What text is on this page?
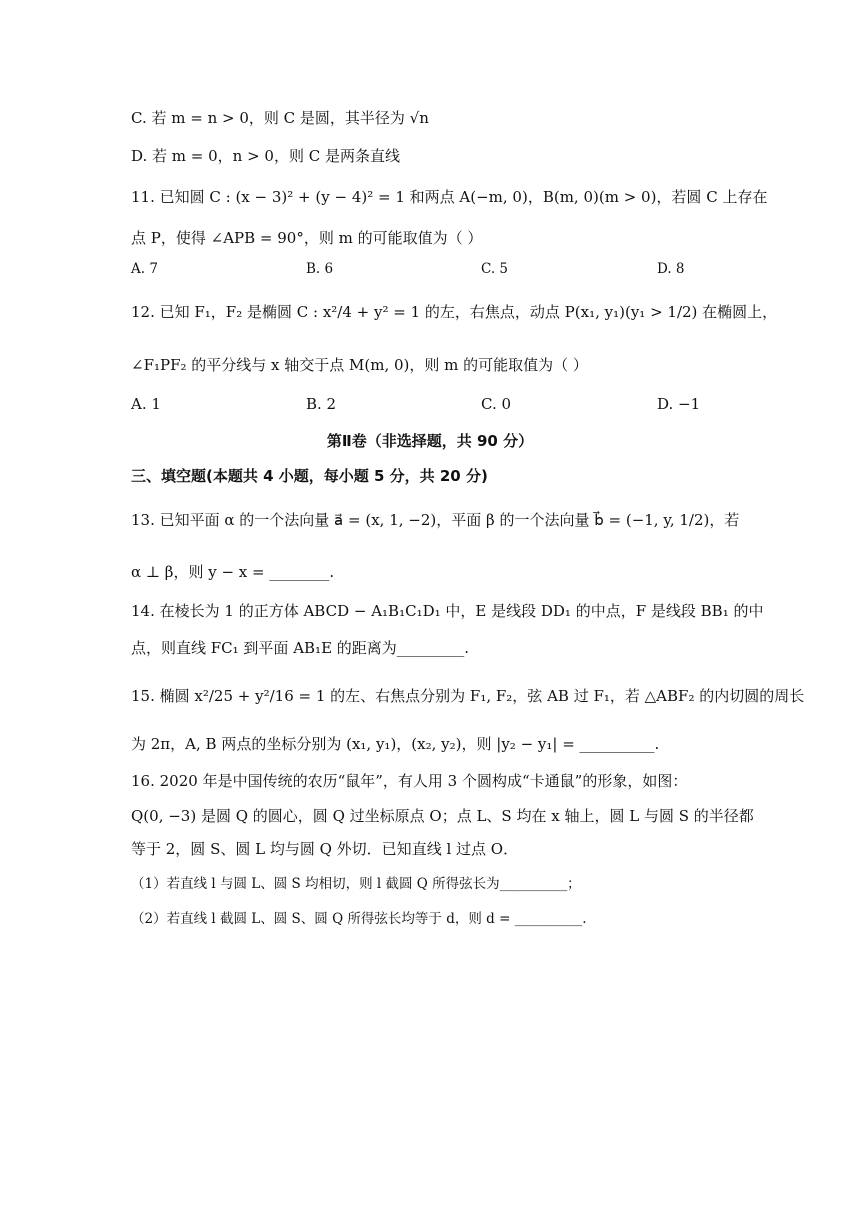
C. 若 m = n > 0，则 C 是圆，其半径为 √n
D. 若 m = 0，n > 0，则 C 是两条直线
11. 已知圆 C : (x − 3)² + (y − 4)² = 1 和两点 A(−m, 0)，B(m, 0)(m > 0)，若圆 C 上存在
点 P，使得 ∠APB = 90°，则 m 的可能取值为（ ）
A. 7	B. 6	C. 5	D. 8
12. 已知 F₁，F₂ 是椭圆 C : x²/4 + y² = 1 的左，右焦点，动点 P(x₁, y₁)(y₁ > 1/2) 在椭圆上，
∠F₁PF₂ 的平分线与 x 轴交于点 M(m, 0)，则 m 的可能取值为（ ）
A. 1	B. 2	C. 0	D. −1
第Ⅱ卷（非选择题，共 90 分）
三、填空题(本题共 4 小题，每小题 5 分，共 20 分)
13. 已知平面 α 的一个法向量 a⃗ = (x, 1, −2)，平面 β 的一个法向量 b⃗ = (−1, y, 1/2)，若
α ⊥ β，则 y − x = ________.
14. 在棱长为 1 的正方体 ABCD − A₁B₁C₁D₁ 中，E 是线段 DD₁ 的中点，F 是线段 BB₁ 的中
点，则直线 FC₁ 到平面 AB₁E 的距离为_________.
15. 椭圆 x²/25 + y²/16 = 1 的左、右焦点分别为 F₁, F₂，弦 AB 过 F₁，若 △ABF₂ 的内切圆的周长
为 2π，A, B 两点的坐标分别为 (x₁, y₁)，(x₂, y₂)，则 |y₂ − y₁| = __________.
16. 2020 年是中国传统的农历“鼠年”，有人用 3 个圆构成“卡通鼠”的形象，如图：
Q(0, −3) 是圆 Q 的圆心，圆 Q 过坐标原点 O；点 L、S 均在 x 轴上，圆 L 与圆 S 的半径都
等于 2，圆 S、圆 L 均与圆 Q 外切．已知直线 l 过点 O．
（1）若直线 l 与圆 L、圆 S 均相切，则 l 截圆 Q 所得弦长为__________；
（2）若直线 l 截圆 L、圆 S、圆 Q 所得弦长均等于 d，则 d = __________.
